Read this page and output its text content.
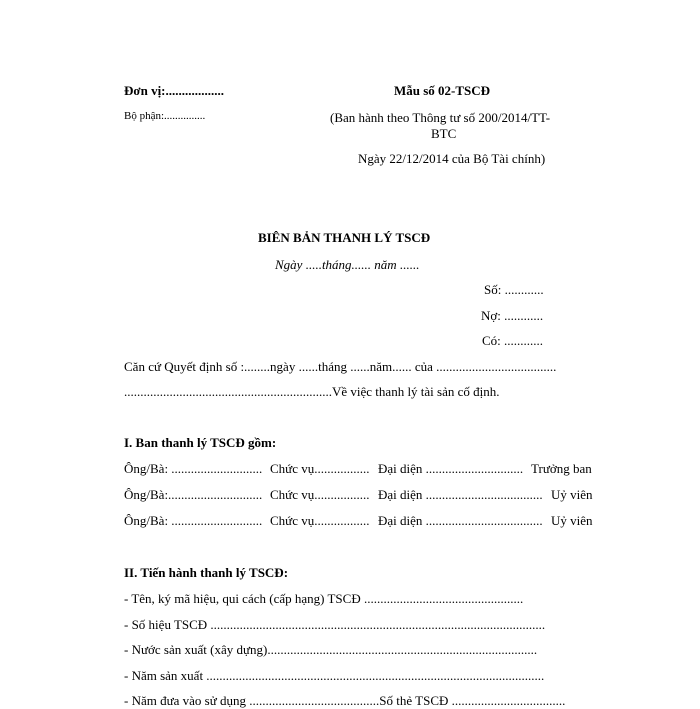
Đơn vị:..................
Bộ phận:...............
Mẫu số 02-TSCĐ
(Ban hành theo Thông tư số 200/2014/TT-
BTC
Ngày 22/12/2014 của Bộ Tài chính)
BIÊN BẢN THANH LÝ TSCĐ
Ngày .....tháng...... năm ......
Số: ............
Nợ: ............
Có: ............
Căn cứ Quyết định số :........ngày ......tháng ......năm...... của .....................................
................................................................Về việc thanh lý tài sản cố định.
I. Ban thanh lý TSCĐ gồm:
Ông/Bà: ............................ Chức vụ................. Đại diện .............................. Trưởng ban
Ông/Bà:............................. Chức vụ................. Đại diện .................................... Uỷ viên
Ông/Bà: ............................ Chức vụ................. Đại diện .................................... Uỷ viên
II. Tiến hành thanh lý TSCĐ:
- Tên, ký mã hiệu, qui cách (cấp hạng) TSCĐ .................................................
- Số hiệu TSCĐ .......................................................................................................
- Nước sản xuất (xây dựng)...................................................................................
- Năm sản xuất ........................................................................................................
- Năm đưa vào sử dụng ........................................Số thẻ TSCĐ ...................................
